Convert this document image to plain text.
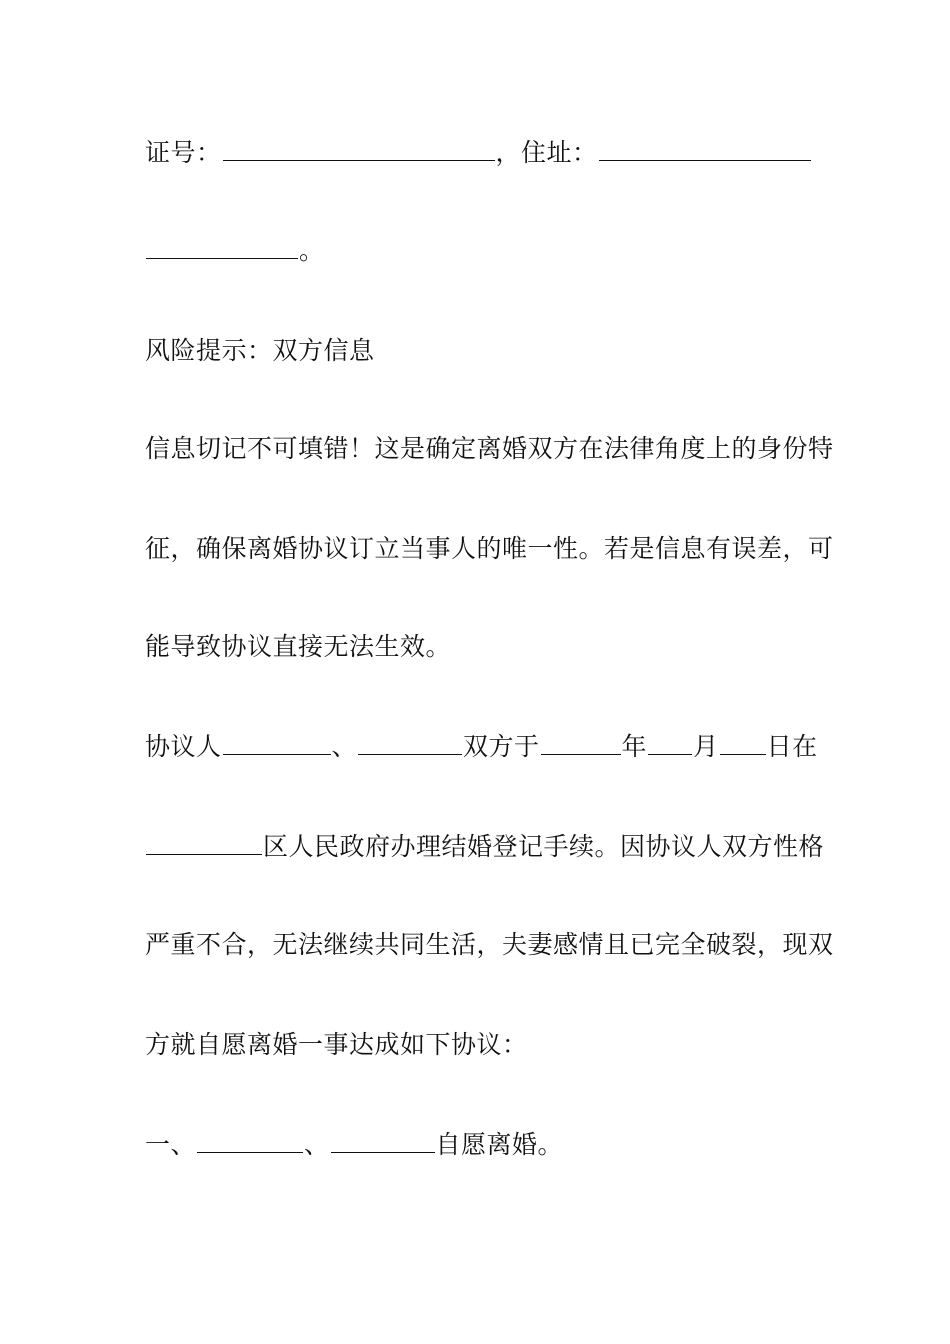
证号：	，住址：
。
风险提示：双方信息
信息切记不可填错！这是确定离婚双方在法律角度上的身份特
征，确保离婚协议订立当事人的唯一性。若是信息有误差，可
能导致协议直接无法生效。
协议人	、	双方于	年 月 日在
区人民政府办理结婚登记手续。因协议人双方性格
严重不合，无法继续共同生活，夫妻感情且已完全破裂，现双
方就自愿离婚一事达成如下协议：
一、	、	自愿离婚。
